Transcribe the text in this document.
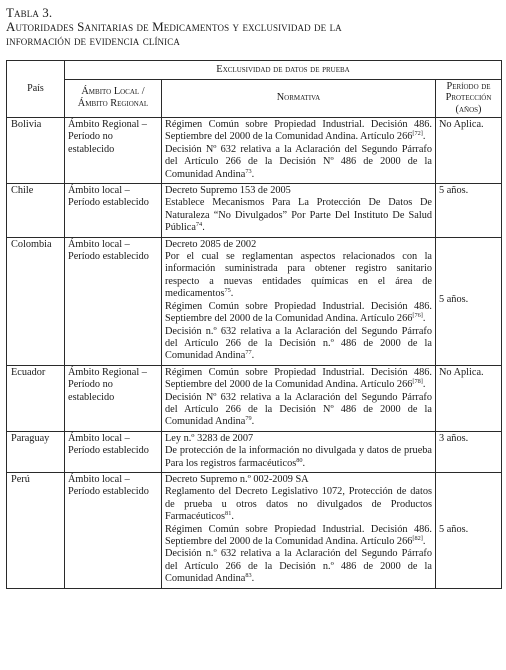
Tabla 3.
Autoridades Sanitarias de Medicamentos y exclusividad de la
información de evidencia clínica
País	Exclusividad de datos de prueba		
	Ámbito Local / Ámbito Regional	Normativa	Período de Protección (años)
Bolivia	Ámbito Regional – Período no establecido	Régimen Común sobre Propiedad Industrial. Decisión 486. Septiembre del 2000 de la Comunidad Andina. Artículo 266[72].
Decisión Nº 632 relativa a la Aclaración del Segundo Párrafo del Artículo 266 de la Decisión Nº 486 de 2000 de la Comunidad Andina$^{73}$.	No Aplica.
Chile	Ámbito local –Período establecido	Decreto Supremo 153 de 2005
Establece Mecanismos Para La Protección De Datos De Naturaleza “No Divulgados” Por Parte Del Instituto De Salud Pública$^{74}$.	5 años.
Colombia	Ámbito local –Período establecido	Decreto 2085 de 2002
Por el cual se reglamentan aspectos relacionados con la información suministrada para obtener registro sanitario respecto a nuevas entidades químicas en el área de medicamentos$^{75}$.
Régimen Común sobre Propiedad Industrial. Decisión 486. Septiembre del 2000 de la Comunidad Andina. Artículo 266[76].
Decisión n.º 632 relativa a la Aclaración del Segundo Párrafo del Artículo 266 de la Decisión n.º 486 de 2000 de la Comunidad Andina$^{77}$.	5 años.
Ecuador	Ámbito Regional – Período no establecido	Régimen Común sobre Propiedad Industrial. Decisión 486. Septiembre del 2000 de la Comunidad Andina. Artículo 266[78].
Decisión Nº 632 relativa a la Aclaración del Segundo Párrafo del Artículo 266 de la Decisión Nº 486 de 2000 de la Comunidad Andina$^{79}$.	No Aplica.
Paraguay	Ámbito local –Período establecido	Ley n.º 3283 de 2007
De protección de la información no divulgada y datos de prueba Para los registros farmacéuticos$^{80}$.	3 años.
Perú	Ámbito local –Período establecido	Decreto Supremo n.º 002-2009 SA
Reglamento del Decreto Legislativo 1072, Protección de datos de prueba u otros datos no divulgados de Productos Farmacéuticos$^{81}$.
Régimen Común sobre Propiedad Industrial. Decisión 486. Septiembre del 2000 de la Comunidad Andina. Artículo 266[82].
Decisión n.º 632 relativa a la Aclaración del Segundo Párrafo del Artículo 266 de la Decisión n.º 486 de 2000 de la Comunidad Andina$^{83}$.	5 años.
